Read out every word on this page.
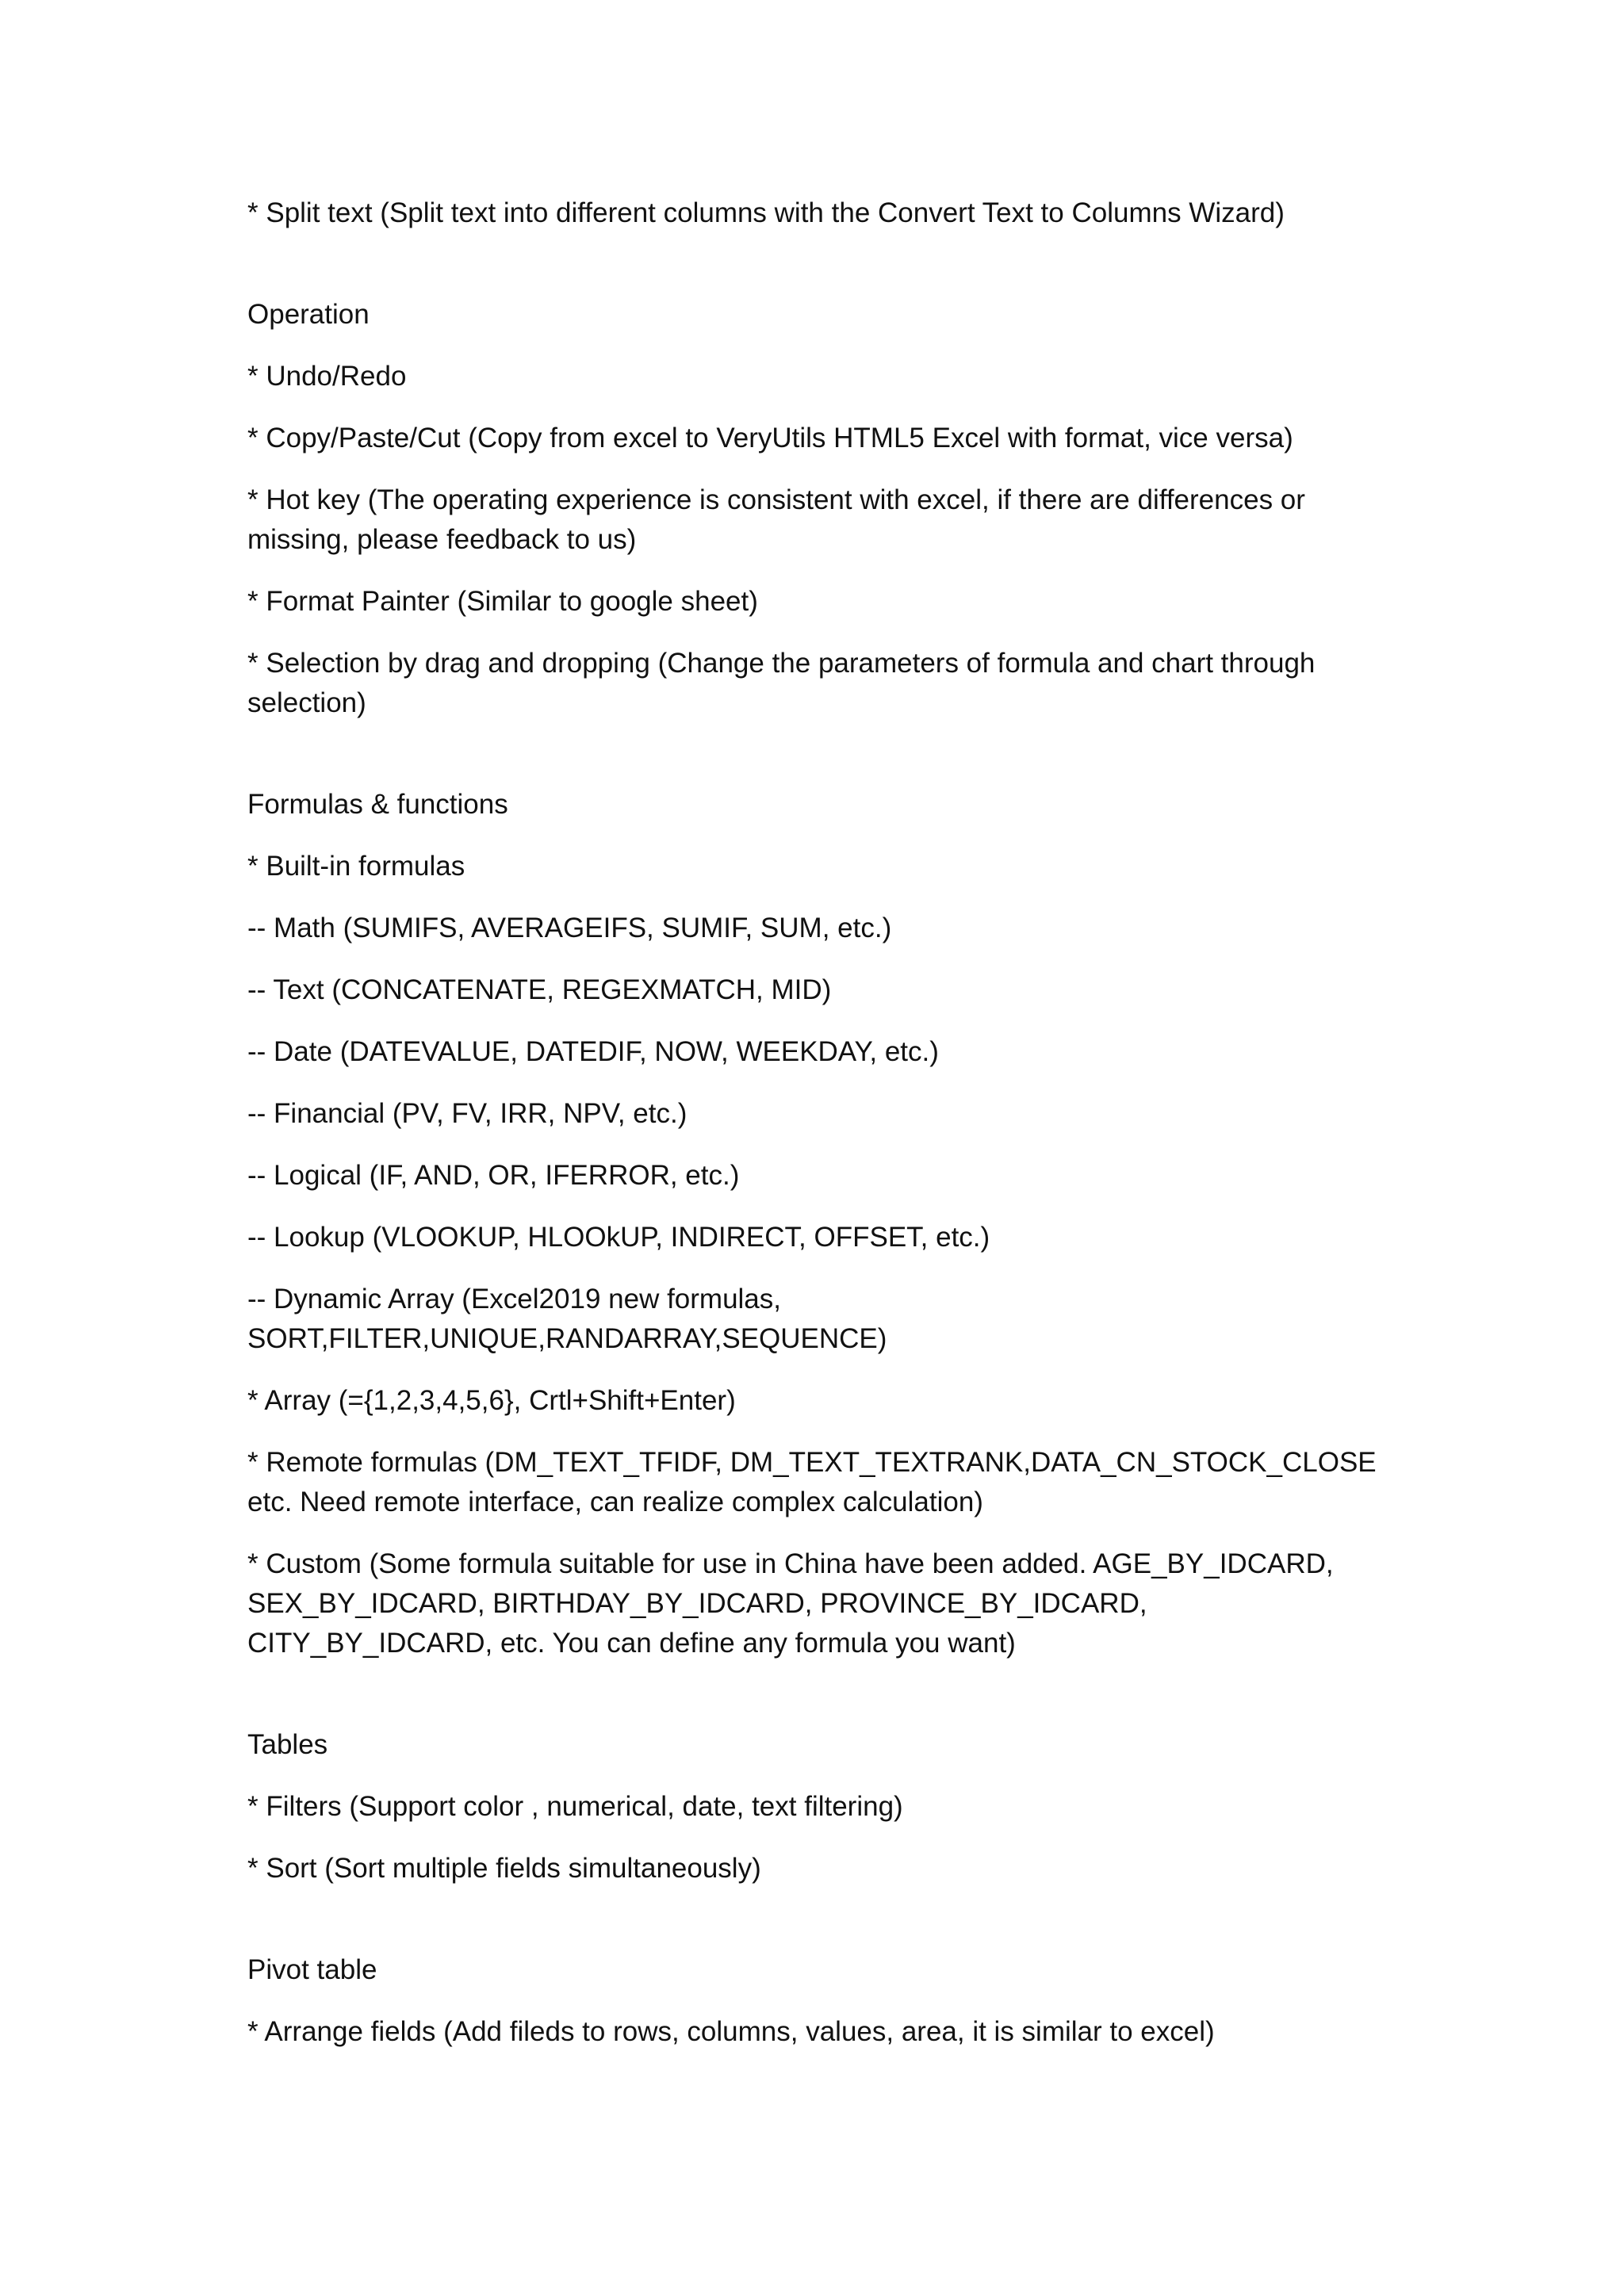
* Split text (Split text into different columns with the Convert Text to Columns Wizard)

Operation

* Undo/Redo

* Copy/Paste/Cut (Copy from excel to VeryUtils HTML5 Excel with format, vice versa)

* Hot key (The operating experience is consistent with excel, if there are differences or missing, please feedback to us)

* Format Painter (Similar to google sheet)

* Selection by drag and dropping (Change the parameters of formula and chart through selection)

Formulas & functions

* Built-in formulas

-- Math (SUMIFS, AVERAGEIFS, SUMIF, SUM, etc.)

-- Text (CONCATENATE, REGEXMATCH, MID)

-- Date (DATEVALUE, DATEDIF, NOW, WEEKDAY, etc.)

-- Financial (PV, FV, IRR, NPV, etc.)

-- Logical (IF, AND, OR, IFERROR, etc.)

-- Lookup (VLOOKUP, HLOOkUP, INDIRECT, OFFSET, etc.)

-- Dynamic Array (Excel2019 new formulas, SORT,FILTER,UNIQUE,RANDARRAY,SEQUENCE)

* Array (={1,2,3,4,5,6}, Crtl+Shift+Enter)

* Remote formulas (DM_TEXT_TFIDF, DM_TEXT_TEXTRANK,DATA_CN_STOCK_CLOSE etc. Need remote interface, can realize complex calculation)

* Custom (Some formula suitable for use in China have been added. AGE_BY_IDCARD, SEX_BY_IDCARD, BIRTHDAY_BY_IDCARD, PROVINCE_BY_IDCARD, CITY_BY_IDCARD, etc. You can define any formula you want)

Tables

* Filters (Support color , numerical, date, text filtering)

* Sort (Sort multiple fields simultaneously)

Pivot table

* Arrange fields (Add fileds to rows, columns, values, area, it is similar to excel)
